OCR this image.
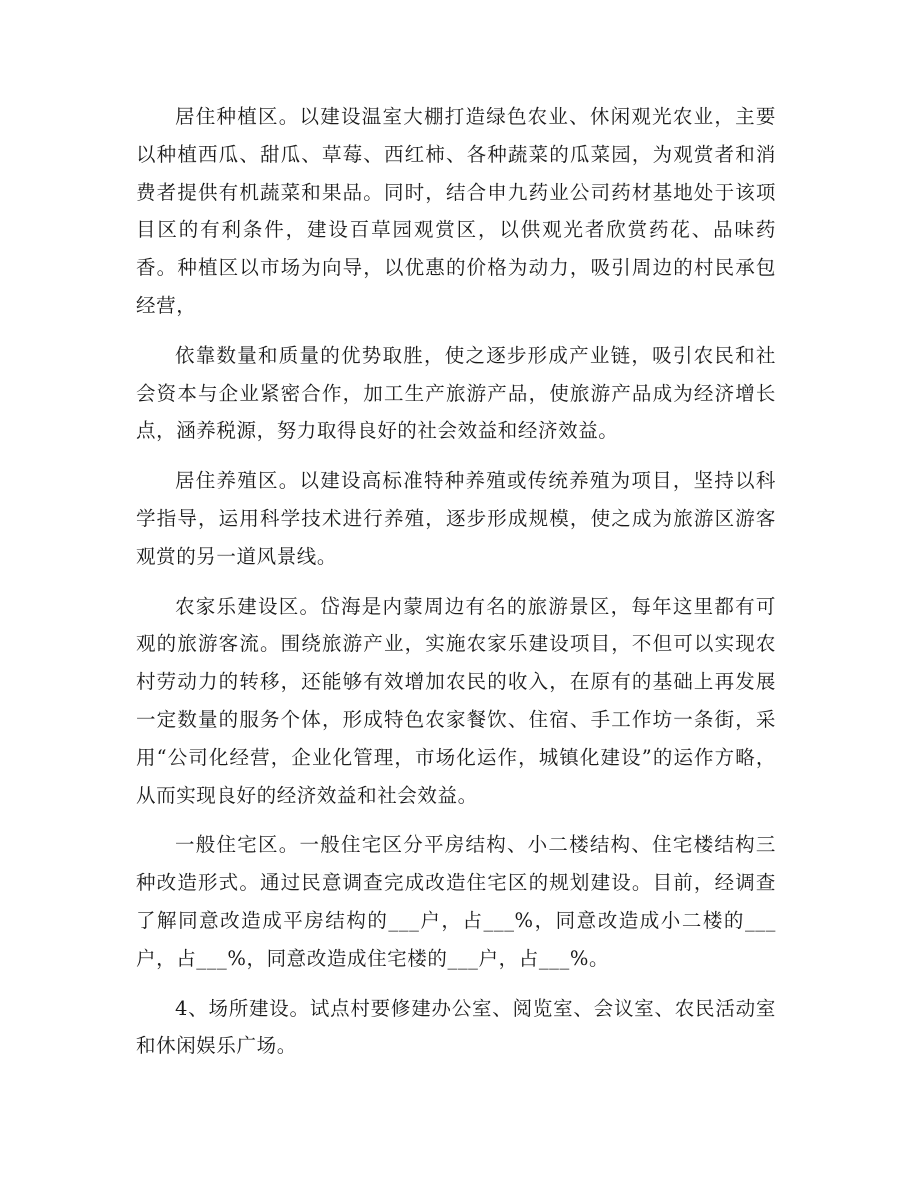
居住种植区。以建设温室大棚打造绿色农业、休闲观光农业，主要以种植西瓜、甜瓜、草莓、西红柿、各种蔬菜的瓜菜园，为观赏者和消费者提供有机蔬菜和果品。同时，结合申九药业公司药材基地处于该项目区的有利条件，建设百草园观赏区，以供观光者欣赏药花、品味药香。种植区以市场为向导，以优惠的价格为动力，吸引周边的村民承包经营，

依靠数量和质量的优势取胜，使之逐步形成产业链，吸引农民和社会资本与企业紧密合作，加工生产旅游产品，使旅游产品成为经济增长点，涵养税源，努力取得良好的社会效益和经济效益。

居住养殖区。以建设高标准特种养殖或传统养殖为项目，坚持以科学指导，运用科学技术进行养殖，逐步形成规模，使之成为旅游区游客观赏的另一道风景线。

农家乐建设区。岱海是内蒙周边有名的旅游景区，每年这里都有可观的旅游客流。围绕旅游产业，实施农家乐建设项目，不但可以实现农村劳动力的转移，还能够有效增加农民的收入，在原有的基础上再发展一定数量的服务个体，形成特色农家餐饮、住宿、手工作坊一条街，采用“公司化经营，企业化管理，市场化运作，城镇化建设”的运作方略，从而实现良好的经济效益和社会效益。

一般住宅区。一般住宅区分平房结构、小二楼结构、住宅楼结构三种改造形式。通过民意调查完成改造住宅区的规划建设。目前，经调查了解同意改造成平房结构的___户，占___%，同意改造成小二楼的___户，占___%，同意改造成住宅楼的___户，占___%。

4、场所建设。试点村要修建办公室、阅览室、会议室、农民活动室和休闲娱乐广场。
